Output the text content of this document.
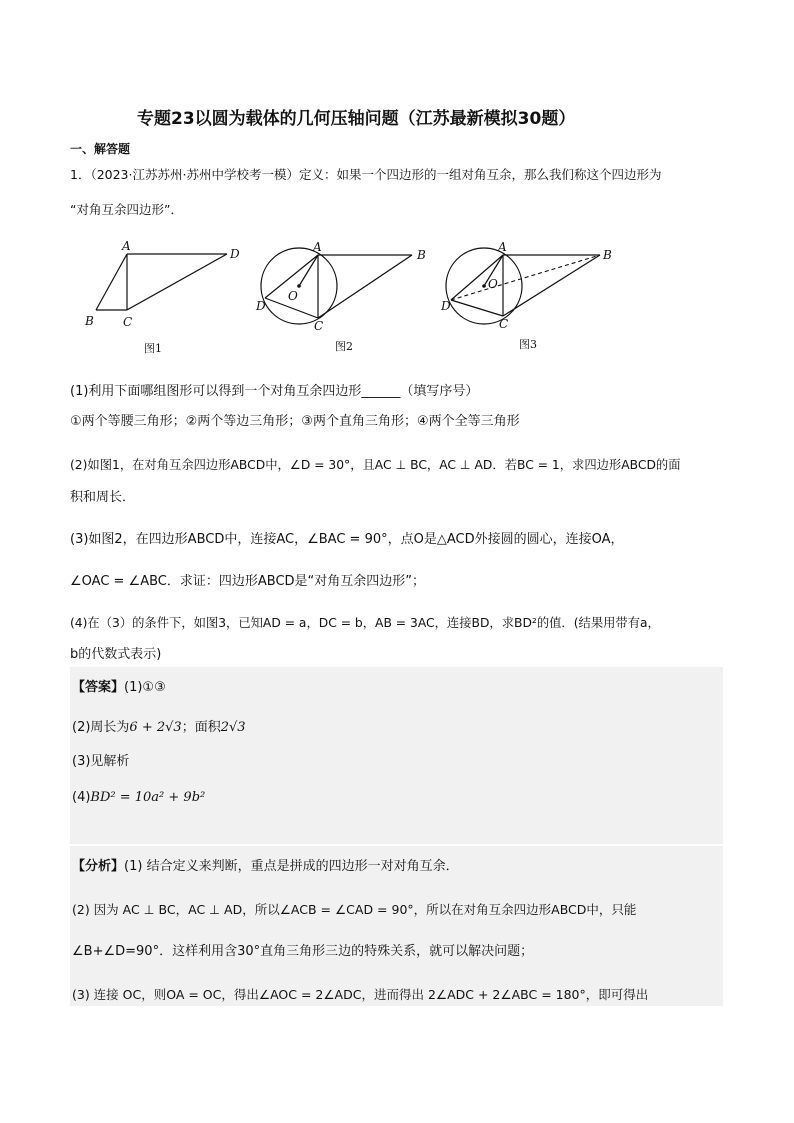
专题23以圆为载体的几何压轴问题（江苏最新模拟30题）
一、解答题
1．（2023·江苏苏州·苏州中学校考一模）定义：如果一个四边形的一组对角互余，那么我们称这个四边形为
“对角互余四边形”．
A
D
B C
图1
A
B
D
C
O
图2
A
B
D
C
O
图3
(1)利用下面哪组图形可以得到一个对角互余四边形______（填写序号）
①两个等腰三角形；②两个等边三角形；③两个直角三角形；④两个全等三角形
(2)如图1，在对角互余四边形ABCD中，∠D = 30°，且AC ⊥ BC，AC ⊥ AD．若BC = 1，求四边形ABCD的面
积和周长．
(3)如图2，在四边形ABCD中，连接AC，∠BAC = 90°，点O是△ACD外接圆的圆心，连接OA，
∠OAC = ∠ABC．求证：四边形ABCD是“对角互余四边形”；
(4)在（3）的条件下，如图3，已知AD = a，DC = b，AB = 3AC，连接BD，求BD²的值．(结果用带有a，
b的代数式表示)
【答案】(1)①③
(2)周长为6 + 2√3；面积2√3
(3)见解析
(4)BD² = 10a² + 9b²
【分析】(1) 结合定义来判断，重点是拼成的四边形一对对角互余．
(2) 因为 AC ⊥ BC，AC ⊥ AD，所以∠ACB = ∠CAD = 90°，所以在对角互余四边形ABCD中，只能
∠B+∠D=90°．这样利用含30°直角三角形三边的特殊关系，就可以解决问题；
(3) 连接 OC，则OA = OC，得出∠AOC = 2∠ADC，进而得出 2∠ADC + 2∠ABC = 180°，即可得出
